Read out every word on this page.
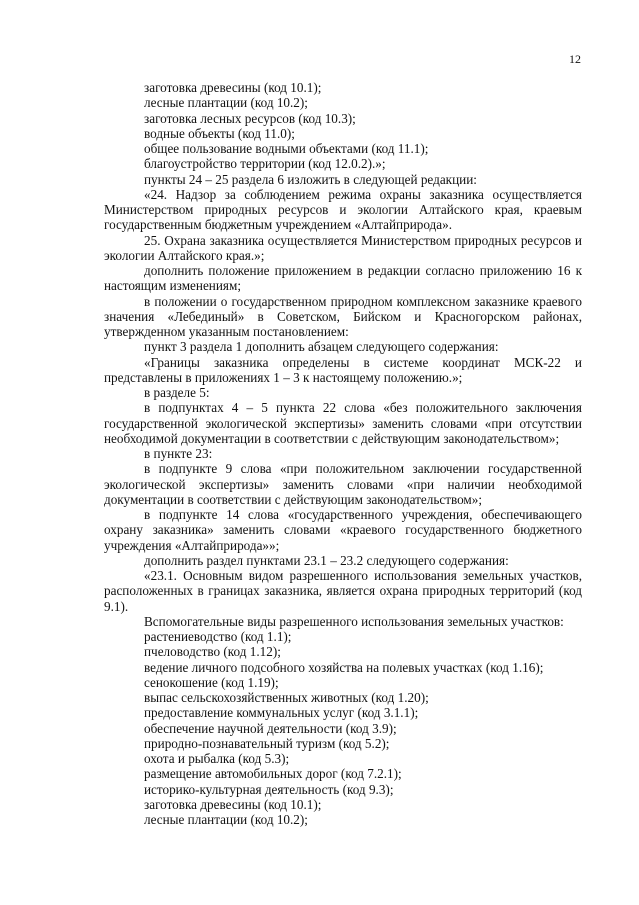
12

заготовка древесины (код 10.1);

лесные плантации (код 10.2);

заготовка лесных ресурсов (код 10.3);

водные объекты (код 11.0);

общее пользование водными объектами (код 11.1);

благоустройство территории (код 12.0.2).»;

пункты 24 – 25 раздела 6 изложить в следующей редакции:

«24. Надзор за соблюдением режима охраны заказника осуществляется Министерством природных ресурсов и экологии Алтайского края, краевым государственным бюджетным учреждением «Алтайприрода».

25. Охрана заказника осуществляется Министерством природных ресурсов и экологии Алтайского края.»;

дополнить положение приложением в редакции согласно приложению 16 к настоящим изменениям;

в положении о государственном природном комплексном заказнике краевого значения «Лебединый» в Советском, Бийском и Красногорском районах, утвержденном указанным постановлением:

пункт 3 раздела 1 дополнить абзацем следующего содержания:

«Границы заказника определены в системе координат МСК-22 и представлены в приложениях 1 – 3 к настоящему положению.»;

в разделе 5:

в подпунктах 4 – 5 пункта 22 слова «без положительного заключения государственной экологической экспертизы» заменить словами «при отсутствии необходимой документации в соответствии с действующим законодательством»;

в пункте 23:

в подпункте 9 слова «при положительном заключении государственной экологической экспертизы» заменить словами «при наличии необходимой документации в соответствии с действующим законодательством»;

в подпункте 14 слова «государственного учреждения, обеспечивающего охрану заказника» заменить словами «краевого государственного бюджетного учреждения «Алтайприрода»»;

дополнить раздел пунктами 23.1 – 23.2 следующего содержания:

«23.1. Основным видом разрешенного использования земельных участков, расположенных в границах заказника, является охрана природных территорий (код 9.1).

Вспомогательные виды разрешенного использования земельных участков:

растениеводство (код 1.1);

пчеловодство (код 1.12);

ведение личного подсобного хозяйства на полевых участках (код 1.16);

сенокошение (код 1.19);

выпас сельскохозяйственных животных (код 1.20);

предоставление коммунальных услуг (код 3.1.1);

обеспечение научной деятельности (код 3.9);

природно-познавательный туризм (код 5.2);

охота и рыбалка (код 5.3);

размещение автомобильных дорог (код 7.2.1);

историко-культурная деятельность (код 9.3);

заготовка древесины (код 10.1);

лесные плантации (код 10.2);
